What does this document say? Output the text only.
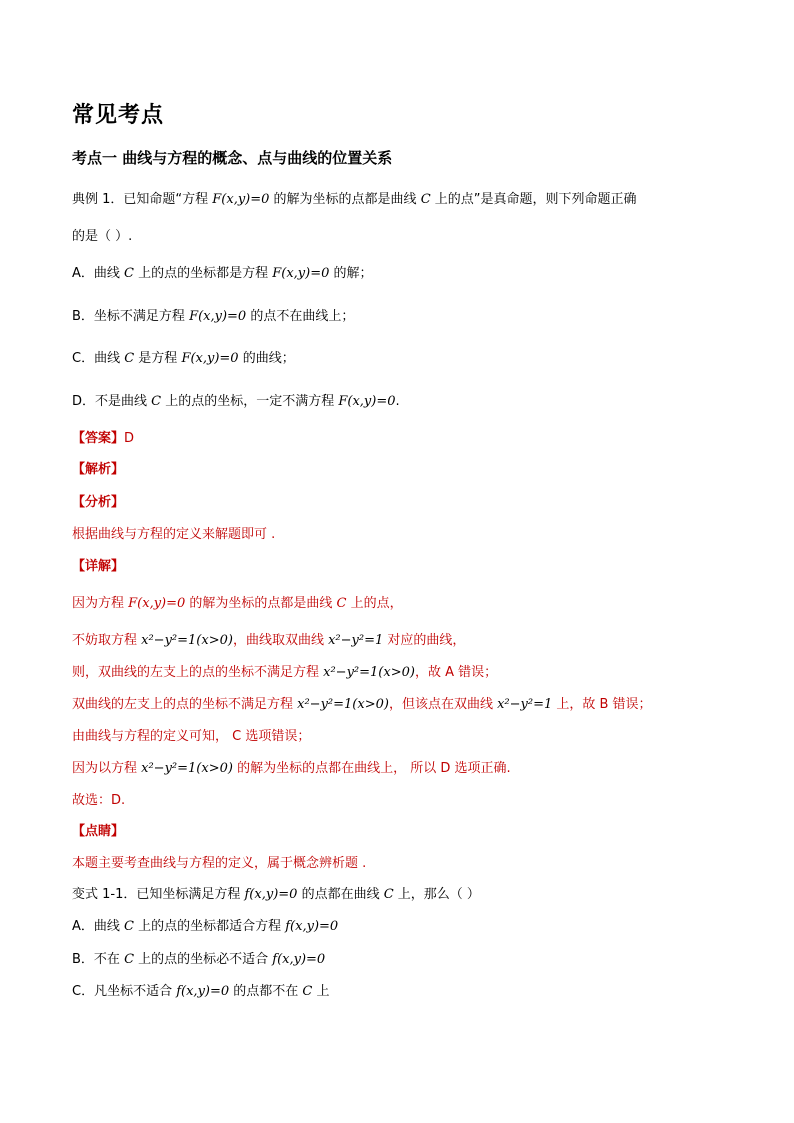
常见考点
考点一 曲线与方程的概念、点与曲线的位置关系
典例 1．已知命题“方程 F(x,y)=0 的解为坐标的点都是曲线 C 上的点”是真命题，则下列命题正确
的是（ ）.
A．曲线 C 上的点的坐标都是方程 F(x,y)=0 的解；
B．坐标不满足方程 F(x,y)=0 的点不在曲线上；
C．曲线 C 是方程 F(x,y)=0 的曲线；
D．不是曲线 C 上的点的坐标，一定不满方程 F(x,y)=0.
【答案】D
【解析】
【分析】
根据曲线与方程的定义来解题即可 .
【详解】
因为方程 F(x,y)=0 的解为坐标的点都是曲线 C 上的点，
不妨取方程 x²−y²=1(x>0)，曲线取双曲线 x²−y²=1 对应的曲线，
则，双曲线的左支上的点的坐标不满足方程 x²−y²=1(x>0)，故 A 错误；
双曲线的左支上的点的坐标不满足方程 x²−y²=1(x>0)，但该点在双曲线 x²−y²=1 上，故 B 错误；
由曲线与方程的定义可知， C 选项错误；
因为以方程 x²−y²=1(x>0) 的解为坐标的点都在曲线上， 所以 D 选项正确.
故选：D.
【点睛】
本题主要考查曲线与方程的定义，属于概念辨析题 .
变式 1-1．已知坐标满足方程 f(x,y)=0 的点都在曲线 C 上，那么（ ）
A．曲线 C 上的点的坐标都适合方程 f(x,y)=0
B．不在 C 上的点的坐标必不适合 f(x,y)=0
C．凡坐标不适合 f(x,y)=0 的点都不在 C 上
